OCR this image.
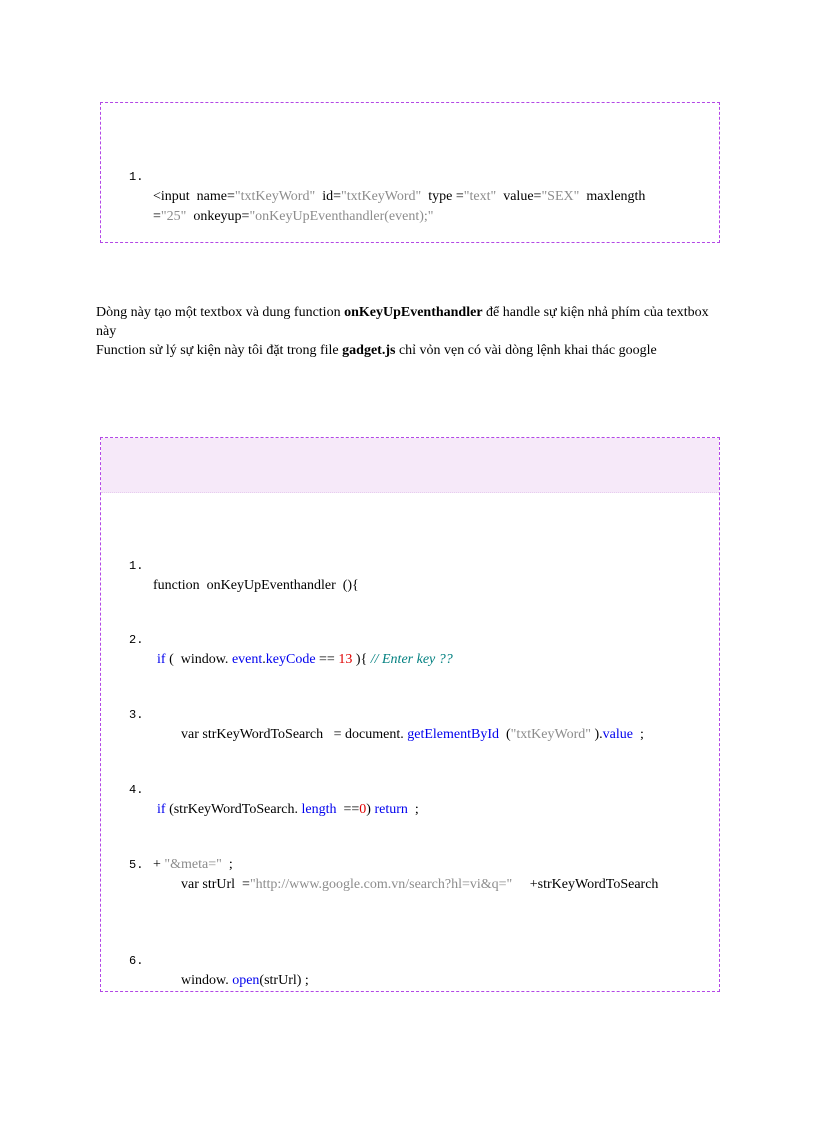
1.

<input  name="txtKeyWord"  id="txtKeyWord"  type ="text"  value="SEX"  maxlength
="25"  onkeyup="onKeyUpEventhandler(event);"

Dòng này tạo một textbox và dung function onKeyUpEventhandler để handle sự kiện nhả phím của textbox này
Function sử lý sự kiện này tôi đặt trong file gadget.js chỉ vỏn vẹn có vài dòng lệnh khai thác google

1.

function  onKeyUpEventhandler  (){

2.

if (  window. event.keyCode == 13 ){ // Enter key ??

3.

var strKeyWordToSearch   = document. getElementById  ("txtKeyWord" ).value  ;

4.

if (strKeyWordToSearch. length  ==0) return  ;

5.

var strUrl  ="http://www.google.com.vn/search?hl=vi&q="     +strKeyWordToSearch

+ "&meta="  ;

6.

window. open(strUrl) ;
